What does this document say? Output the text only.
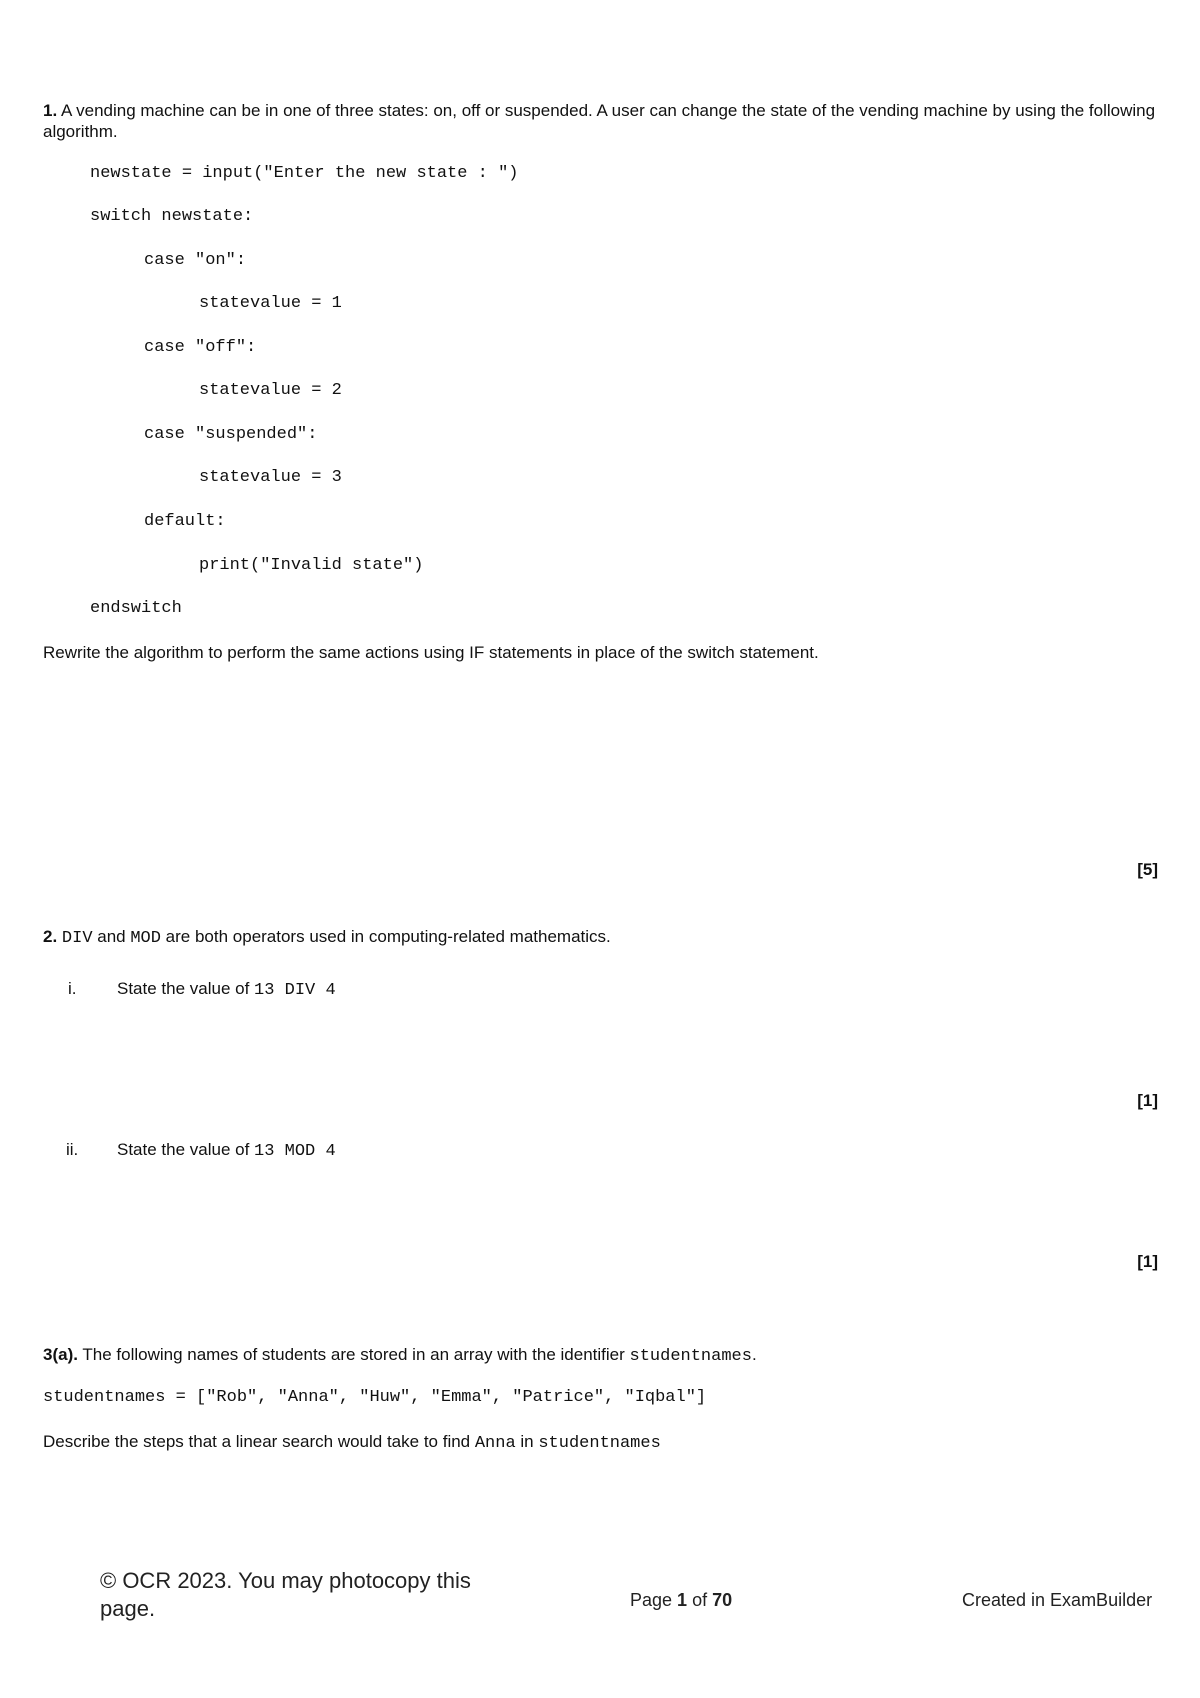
1. A vending machine can be in one of three states: on, off or suspended. A user can change the state of the vending machine by using the following algorithm.
newstate = input("Enter the new state : ")
switch newstate:
case "on":
statevalue = 1
case "off":
statevalue = 2
case "suspended":
statevalue = 3
default:
print("Invalid state")
endswitch
Rewrite the algorithm to perform the same actions using IF statements in place of the switch statement.
[5]
2. DIV and MOD are both operators used in computing-related mathematics.
i. State the value of 13 DIV 4
[1]
ii. State the value of 13 MOD 4
[1]
3(a). The following names of students are stored in an array with the identifier studentnames.
studentnames = ["Rob", "Anna", "Huw", "Emma", "Patrice", "Iqbal"]
Describe the steps that a linear search would take to find Anna in studentnames
© OCR 2023. You may photocopy this page.	Page 1 of 70	Created in ExamBuilder
